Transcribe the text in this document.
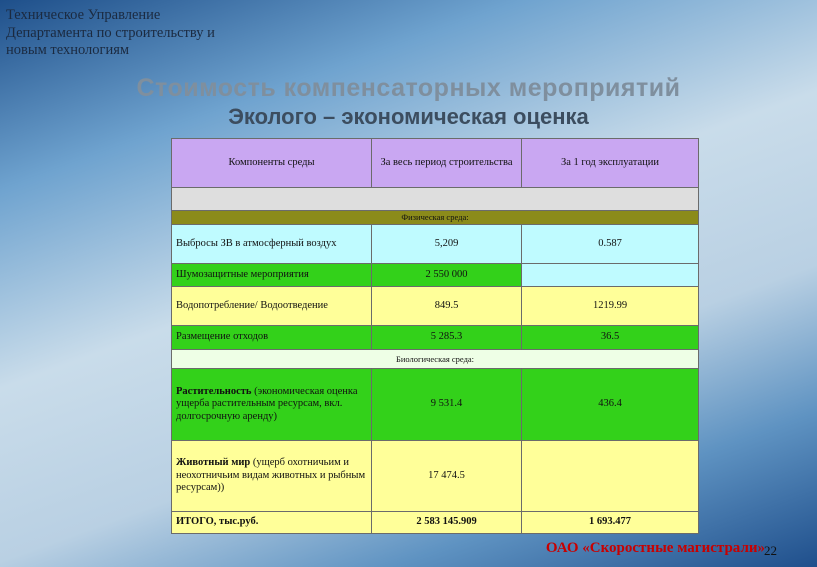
Техническое Управление
Департамента по строительству и
новым технологиям
Стоимость компенсаторных мероприятий
Эколого – экономическая оценка
Компоненты среды	За весь период строительства	За 1 год эксплуатации

Физическая среда:		
Выбросы ЗВ в атмосферный воздух	5,209	0.587
Шумозащитные мероприятия	2 550 000	
Водопотребление/ Водоотведение	849.5	1219.99
Размещение отходов	5 285.3	36.5
Биологическая среда:		
Растительность (экономическая оценка ущерба растительным ресурсам, вкл. долгосрочную аренду)	9 531.4	436.4
Животный мир (ущерб охотничьим и неохотничьим видам животных и рыбным ресурсам))	17 474.5	
ИТОГО, тыс.руб.	2 583 145.909	1 693.477
ОАО «Скоростные магистрали» 22
